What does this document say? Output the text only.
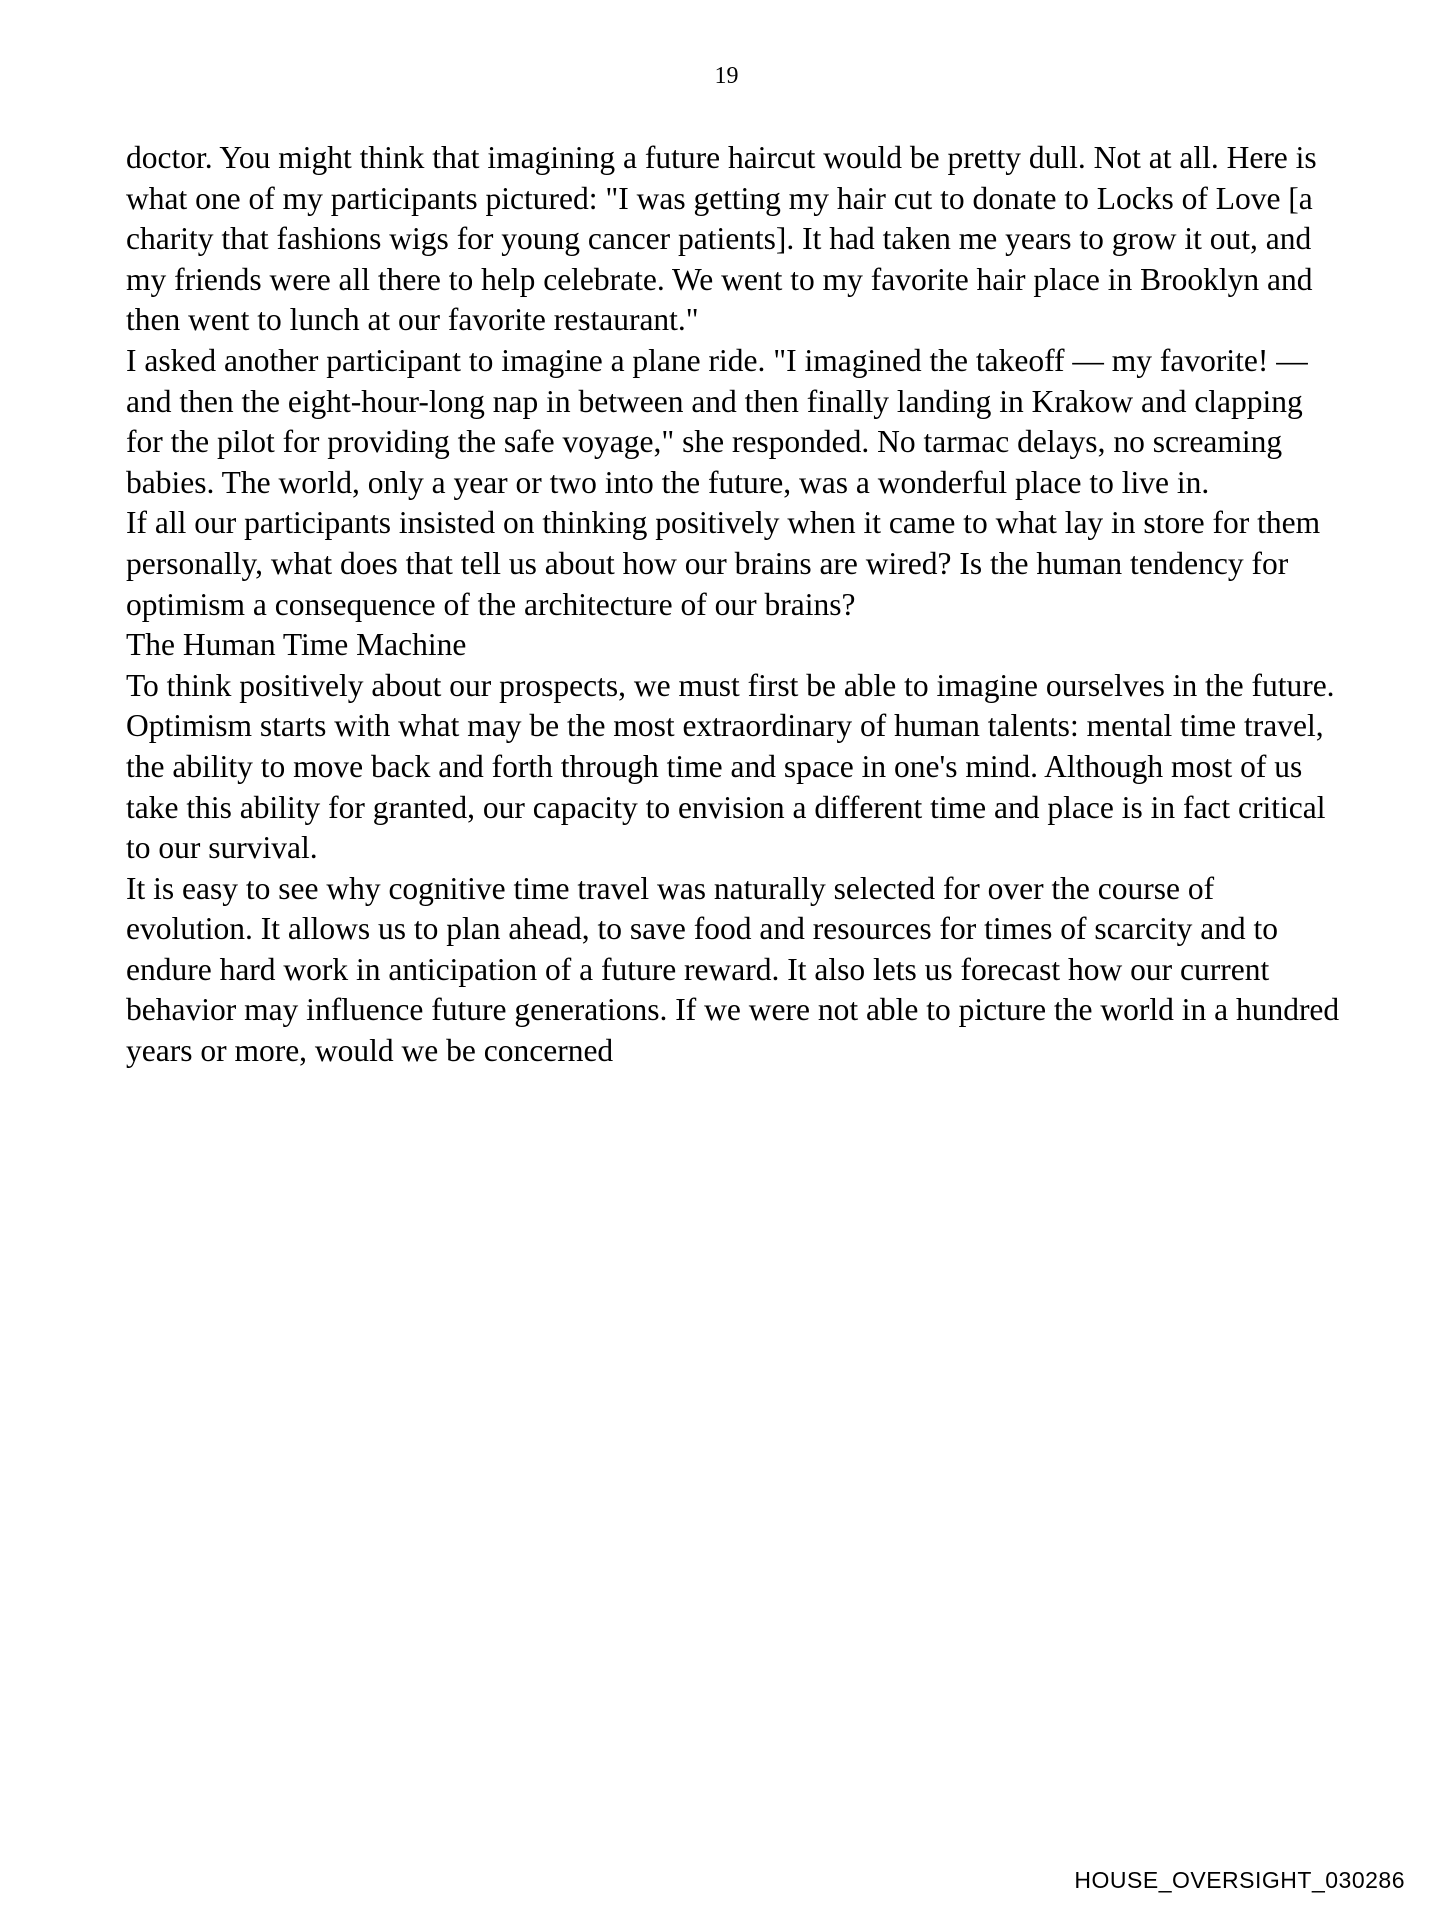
19

doctor. You might think that imagining a future haircut would be pretty dull. Not at all. Here is what one of my participants pictured: "I was getting my hair cut to donate to Locks of Love [a charity that fashions wigs for young cancer patients]. It had taken me years to grow it out, and my friends were all there to help celebrate. We went to my favorite hair place in Brooklyn and then went to lunch at our favorite restaurant."

I asked another participant to imagine a plane ride. "I imagined the takeoff — my favorite! — and then the eight-hour-long nap in between and then finally landing in Krakow and clapping for the pilot for providing the safe voyage," she responded. No tarmac delays, no screaming babies. The world, only a year or two into the future, was a wonderful place to live in.

If all our participants insisted on thinking positively when it came to what lay in store for them personally, what does that tell us about how our brains are wired? Is the human tendency for optimism a consequence of the architecture of our brains?

The Human Time Machine

To think positively about our prospects, we must first be able to imagine ourselves in the future. Optimism starts with what may be the most extraordinary of human talents: mental time travel, the ability to move back and forth through time and space in one's mind. Although most of us take this ability for granted, our capacity to envision a different time and place is in fact critical to our survival.

It is easy to see why cognitive time travel was naturally selected for over the course of evolution. It allows us to plan ahead, to save food and resources for times of scarcity and to endure hard work in anticipation of a future reward. It also lets us forecast how our current behavior may influence future generations. If we were not able to picture the world in a hundred years or more, would we be concerned

HOUSE_OVERSIGHT_030286
